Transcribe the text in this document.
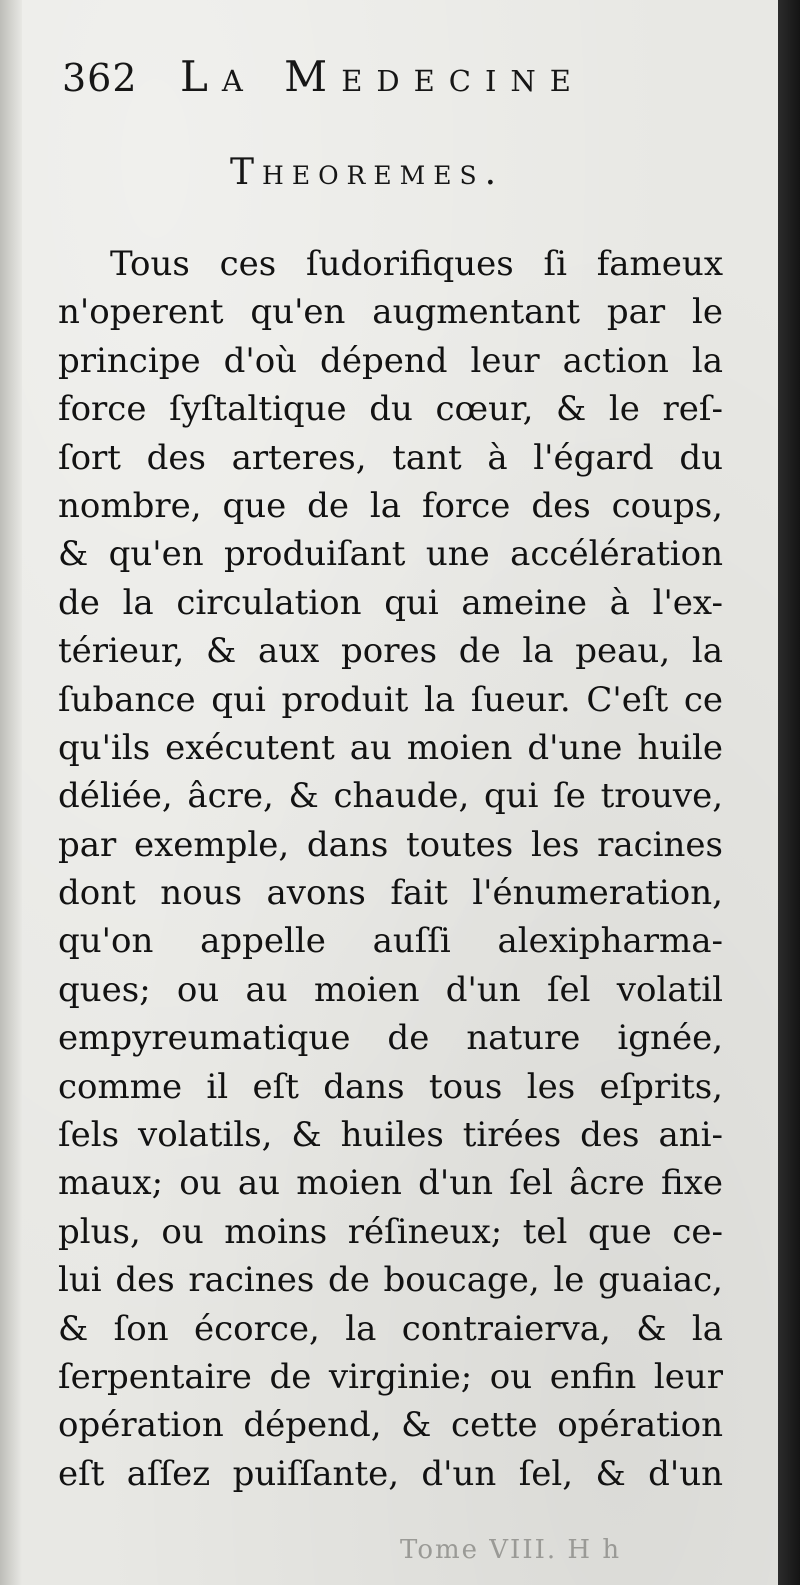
362 La Medecine
Theoremes.
Tous ces ſudorifiques ſi fameux
n'operent qu'en augmentant par le
principe d'où dépend leur action la
force ſyſtaltique du cœur, & le reſ-
ſort des arteres, tant à l'égard du
nombre, que de la force des coups,
& qu'en produiſant une accélération
de la circulation qui ameine à l'ex-
térieur, & aux pores de la peau, la
ſubance qui produit la ſueur. C'eſt ce
qu'ils exécutent au moien d'une huile
déliée, âcre, & chaude, qui ſe trouve,
par exemple, dans toutes les racines
dont nous avons fait l'énumeration,
qu'on appelle auſſi alexipharma-
ques; ou au moien d'un ſel volatil
empyreumatique de nature ignée,
comme il eſt dans tous les eſprits,
ſels volatils, & huiles tirées des ani-
maux; ou au moien d'un ſel âcre fixe
plus, ou moins réſineux; tel que ce-
lui des racines de boucage, le guaiac,
& ſon écorce, la contraierva, & la
ſerpentaire de virginie; ou enfin leur
opération dépend, & cette opération
eſt aſſez puiſſante, d'un ſel, & d'un
Tome VIII. H h
